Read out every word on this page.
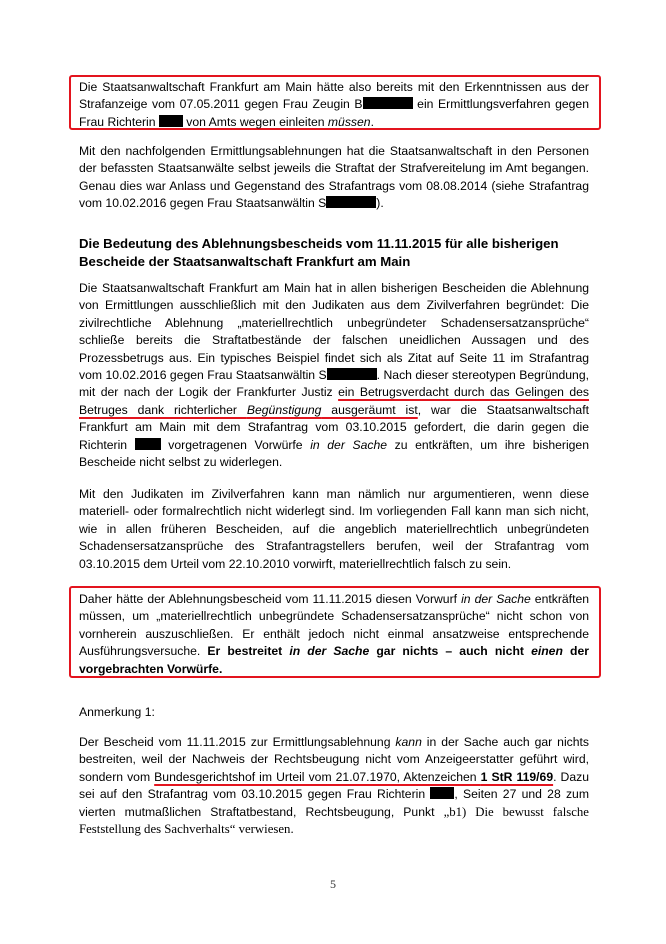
Die Staatsanwaltschaft Frankfurt am Main hätte also bereits mit den Erkenntnissen aus der Strafanzeige vom 07.05.2011 gegen Frau Zeugin B	ein Ermittlungsverfahren gegen Frau Richterin  von Amts wegen einleiten müssen.

Mit den nachfolgenden Ermittlungsablehnungen hat die Staatsanwaltschaft in den Personen der befassten Staatsanwälte selbst jeweils die Straftat der Strafvereitelung im Amt begangen. Genau dies war Anlass und Gegenstand des Strafantrags vom 08.08.2014 (siehe Strafantrag vom 10.02.2016 gegen Frau Staatsanwältin S	).

Die Bedeutung des Ablehnungsbescheids vom 11.11.2015 für alle bisherigen Bescheide der Staatsanwaltschaft Frankfurt am Main

Die Staatsanwaltschaft Frankfurt am Main hat in allen bisherigen Bescheiden die Ablehnung von Ermittlungen ausschließlich mit den Judikaten aus dem Zivilverfahren begründet: Die zivilrechtliche Ablehnung „materiellrechtlich unbegründeter Schadensersatzansprüche“ schließe bereits die Straftatbestände der falschen uneidlichen Aussagen und des Prozessbetrugs aus. Ein typisches Beispiel findet sich als Zitat auf Seite 11 im Strafantrag vom 10.02.2016 gegen Frau Staatsanwältin S	. Nach dieser stereotypen Begründung, mit der nach der Logik der Frankfurter Justiz ein Betrugsverdacht durch das Gelingen des Betruges dank richterlicher Begünstigung ausgeräumt ist, war die Staatsanwaltschaft Frankfurt am Main mit dem Strafantrag vom 03.10.2015 gefordert, die darin gegen die Richterin  vorgetragenen Vorwürfe in der Sache zu entkräften, um ihre bisherigen Bescheide nicht selbst zu widerlegen.

Mit den Judikaten im Zivilverfahren kann man nämlich nur argumentieren, wenn diese materiell- oder formalrechtlich nicht widerlegt sind. Im vorliegenden Fall kann man sich nicht, wie in allen früheren Bescheiden, auf die angeblich materiellrechtlich unbegründeten Schadensersatzansprüche des Strafantragstellers berufen, weil der Strafantrag vom 03.10.2015 dem Urteil vom 22.10.2010 vorwirft, materiellrechtlich falsch zu sein.

Daher hätte der Ablehnungsbescheid vom 11.11.2015 diesen Vorwurf in der Sache entkräften müssen, um „materiellrechtlich unbegründete Schadensersatzansprüche“ nicht schon von vornherein auszuschließen. Er enthält jedoch nicht einmal ansatzweise entsprechende Ausführungsversuche. Er bestreitet in der Sache gar nichts – auch nicht einen der vorgebrachten Vorwürfe.

Anmerkung 1:

Der Bescheid vom 11.11.2015 zur Ermittlungsablehnung kann in der Sache auch gar nichts bestreiten, weil der Nachweis der Rechtsbeugung nicht vom Anzeigeerstatter geführt wird, sondern vom Bundesgerichtshof im Urteil vom 21.07.1970, Aktenzeichen 1 StR 119/69. Dazu sei auf den Strafantrag vom 03.10.2015 gegen Frau Richterin , Seiten 27 und 28 zum vierten mutmaßlichen Straftatbestand, Rechtsbeugung, Punkt „b1) Die bewusst falsche Feststellung des Sachverhalts“ verwiesen.

5
